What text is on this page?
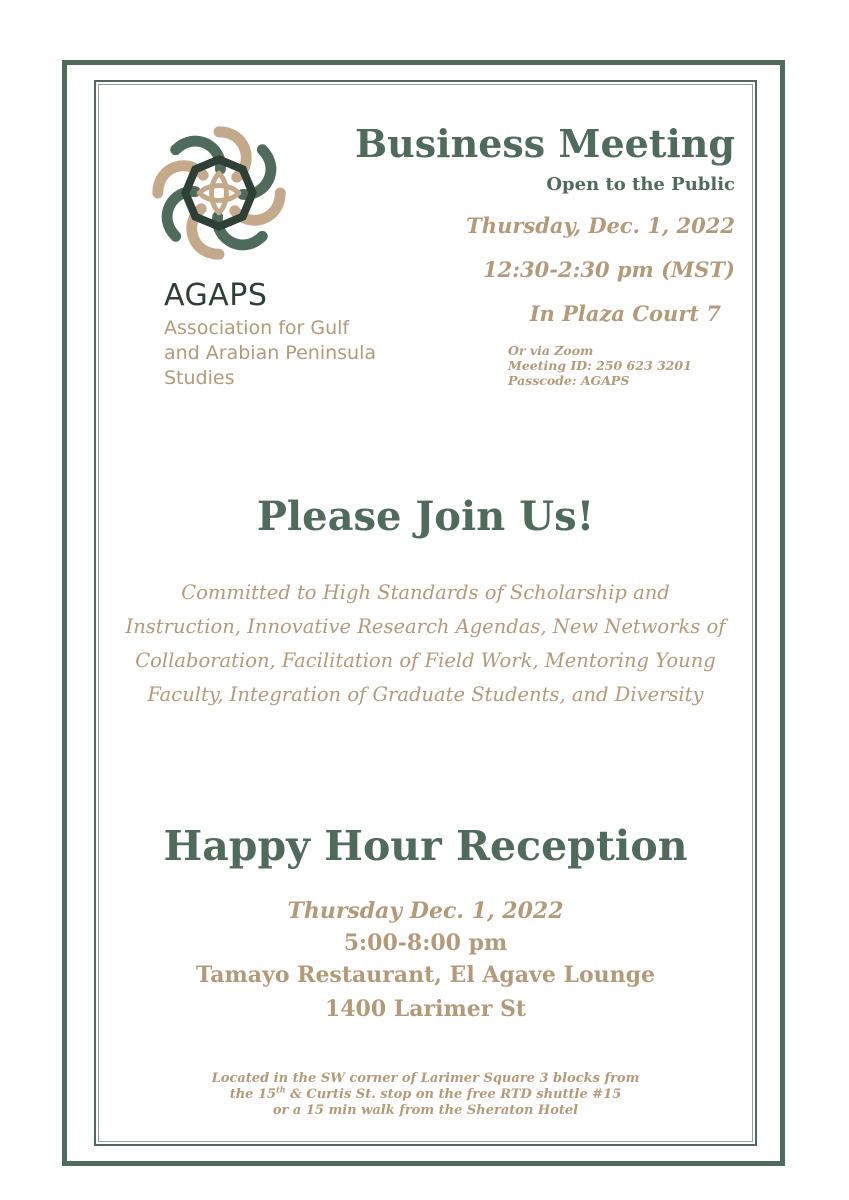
AGAPS
Association for Gulf
and Arabian Peninsula
Studies
Business Meeting
Open to the Public
Thursday, Dec. 1, 2022
12:30-2:30 pm (MST)
In Plaza Court 7
Or via Zoom
Meeting ID: 250 623 3201
Passcode: AGAPS
Please Join Us!
Committed to High Standards of Scholarship and
Instruction, Innovative Research Agendas, New Networks of
Collaboration, Facilitation of Field Work, Mentoring Young
Faculty, Integration of Graduate Students, and Diversity
Happy Hour Reception
Thursday Dec. 1, 2022
5:00-8:00 pm
Tamayo Restaurant, El Agave Lounge
1400 Larimer St
Located in the SW corner of Larimer Square 3 blocks from
the 15th & Curtis St. stop on the free RTD shuttle #15
or a 15 min walk from the Sheraton Hotel
